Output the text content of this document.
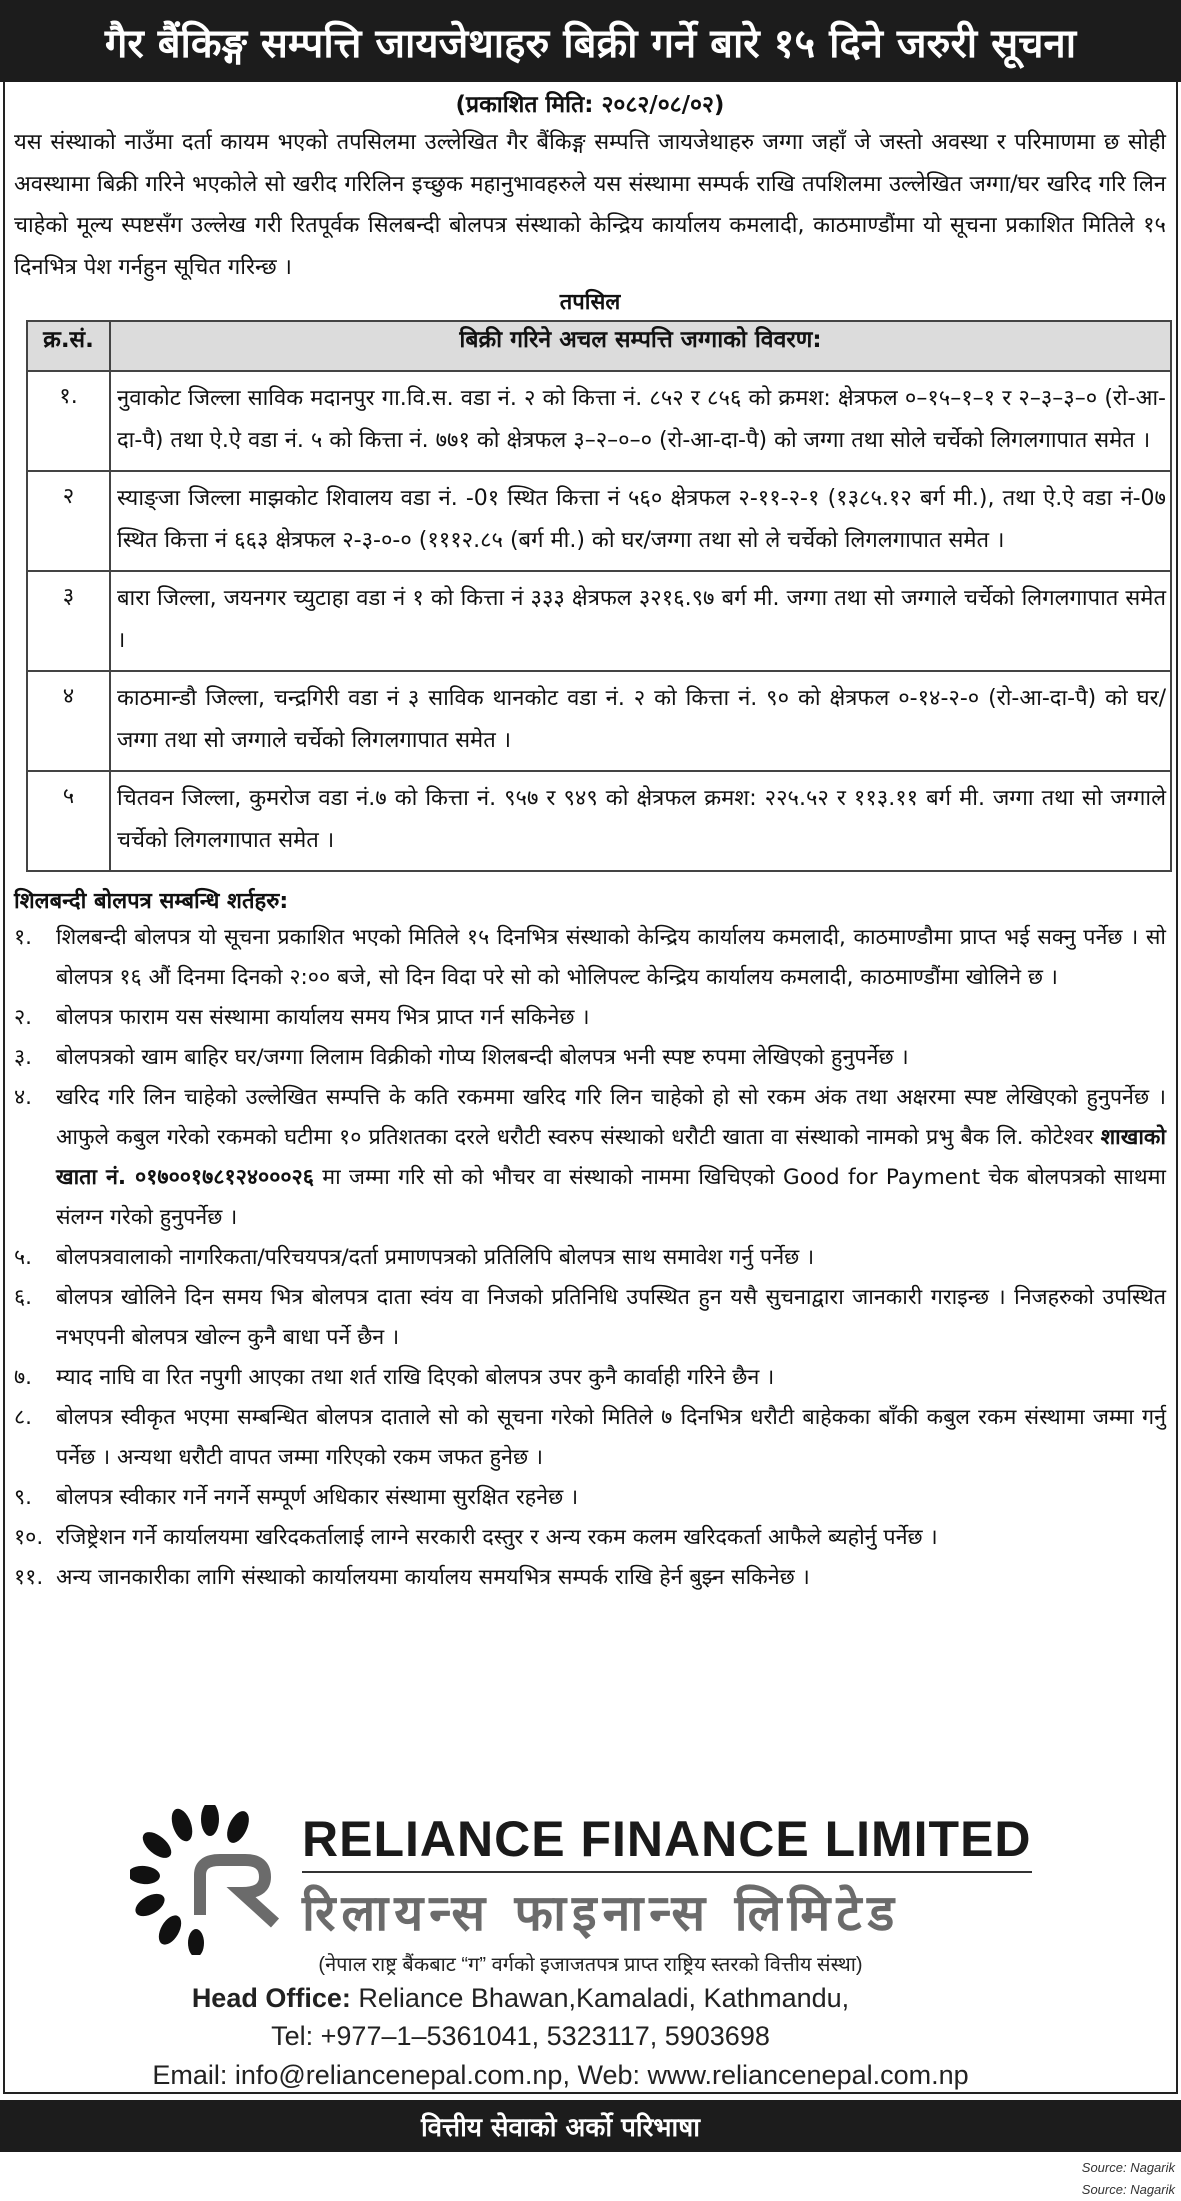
गैर बैंकिङ्ग सम्पत्ति जायजेथाहरु बिक्री गर्ने बारे १५ दिने जरुरी सूचना
(प्रकाशित मिति: २०८२/०८/०२)
यस संस्थाको नाउँमा दर्ता कायम भएको तपसिलमा उल्लेखित गैर बैंकिङ्ग सम्पत्ति जायजेथाहरु जग्गा जहाँ जे जस्तो अवस्था र परिमाणमा छ सोही अवस्थामा बिक्री गरिने भएकोले सो खरीद गरिलिन इच्छुक महानुभावहरुले यस संस्थामा सम्पर्क राखि तपशिलमा उल्लेखित जग्गा/घर खरिद गरि लिन चाहेको मूल्य स्पष्टसँग उल्लेख गरी रितपूर्वक सिलबन्दी बोलपत्र संस्थाको केन्द्रिय कार्यालय कमलादी, काठमाण्डौंमा यो सूचना प्रकाशित मितिले १५ दिनभित्र पेश गर्नहुन सूचित गरिन्छ ।
तपसिल
क्र.सं.	बिक्री गरिने अचल सम्पत्ति जग्गाको विवरण:
१.	नुवाकोट जिल्ला साविक मदानपुर गा.वि.स. वडा नं. २ को कित्ता नं. ८५२ र ८५६ को क्रमश: क्षेत्रफल ०–१५–१–१ र २–३–३–० (रो-आ-दा-पै) तथा ऐ.ऐ वडा नं. ५ को कित्ता नं. ७७१ को क्षेत्रफल ३–२–०–० (रो-आ-दा-पै) को जग्गा तथा सोले चर्चेको लिगलगापात समेत ।
२	स्याङ्जा जिल्ला माझकोट शिवालय वडा नं. -0१ स्थित कित्ता नं ५६० क्षेत्रफल २-११-२-१ (१३८५.१२ बर्ग मी.), तथा ऐ.ऐ वडा नं-0७ स्थित कित्ता नं ६६३ क्षेत्रफल २-३-०-० (१११२.८५ (बर्ग मी.) को घर/जग्गा तथा सो ले चर्चेको लिगलगापात समेत ।
३	बारा जिल्ला, जयनगर च्युटाहा वडा नं १ को कित्ता नं ३३३ क्षेत्रफल ३२१६.९७ बर्ग मी. जग्गा तथा सो जग्गाले चर्चेको लिगलगापात समेत ।
४	काठमान्डौ जिल्ला, चन्द्रगिरी वडा नं ३ साविक थानकोट वडा नं. २ को कित्ता नं. ९० को क्षेत्रफल ०-१४-२-० (रो-आ-दा-पै) को घर/जग्गा तथा सो जग्गाले चर्चेको लिगलगापात समेत ।
५	चितवन जिल्ला, कुमरोज वडा नं.७ को कित्ता नं. ९५७ र ९४९ को क्षेत्रफल क्रमश: २२५.५२ र ११३.११ बर्ग मी. जग्गा तथा सो जग्गाले चर्चेको लिगलगापात समेत ।
शिलबन्दी बोलपत्र सम्बन्धि शर्तहरु:
१.	शिलबन्दी बोलपत्र यो सूचना प्रकाशित भएको मितिले १५ दिनभित्र संस्थाको केन्द्रिय कार्यालय कमलादी, काठमाण्डौमा प्राप्त भई सक्नु पर्नेछ । सो बोलपत्र १६ औं दिनमा दिनको २:०० बजे, सो दिन विदा परे सो को भोलिपल्ट केन्द्रिय कार्यालय कमलादी, काठमाण्डौंमा खोलिने छ ।
२.	बोलपत्र फाराम यस संस्थामा कार्यालय समय भित्र प्राप्त गर्न सकिनेछ ।
३.	बोलपत्रको खाम बाहिर घर/जग्गा लिलाम विक्रीको गोप्य शिलबन्दी बोलपत्र भनी स्पष्ट रुपमा लेखिएको हुनुपर्नेछ ।
४.	खरिद गरि लिन चाहेको उल्लेखित सम्पत्ति के कति रकममा खरिद गरि लिन चाहेको हो सो रकम अंक तथा अक्षरमा स्पष्ट लेखिएको हुनुपर्नेछ । आफुले कबुल गरेको रकमको घटीमा १० प्रतिशतका दरले धरौटी स्वरुप संस्थाको धरौटी खाता वा संस्थाको नामको प्रभु बैक लि. कोटेश्वर शाखाको खाता नं. ०१७००१७८१२४०००२६ मा जम्मा गरि सो को भौचर वा संस्थाको नाममा खिचिएको Good for Payment चेक बोलपत्रको साथमा संलग्न गरेको हुनुपर्नेछ ।
५.	बोलपत्रवालाको नागरिकता/परिचयपत्र/दर्ता प्रमाणपत्रको प्रतिलिपि बोलपत्र साथ समावेश गर्नु पर्नेछ ।
६.	बोलपत्र खोलिने दिन समय भित्र बोलपत्र दाता स्वंय वा निजको प्रतिनिधि उपस्थित हुन यसै सुचनाद्वारा जानकारी गराइन्छ । निजहरुको उपस्थित नभएपनी बोलपत्र खोल्न कुनै बाधा पर्ने छैन ।
७.	म्याद नाघि वा रित नपुगी आएका तथा शर्त राखि दिएको बोलपत्र उपर कुनै कार्वाही गरिने छैन ।
८.	बोलपत्र स्वीकृत भएमा सम्बन्धित बोलपत्र दाताले सो को सूचना गरेको मितिले ७ दिनभित्र धरौटी बाहेकका बाँकी कबुल रकम संस्थामा जम्मा गर्नु पर्नेछ । अन्यथा धरौटी वापत जम्मा गरिएको रकम जफत हुनेछ ।
९.	बोलपत्र स्वीकार गर्ने नगर्ने सम्पूर्ण अधिकार संस्थामा सुरक्षित रहनेछ ।
१०. रजिष्ट्रेशन गर्ने कार्यालयमा खरिदकर्तालाई लाग्ने सरकारी दस्तुर र अन्य रकम कलम खरिदकर्ता आफैले ब्यहोर्नु पर्नेछ ।
११. अन्य जानकारीका लागि संस्थाको कार्यालयमा कार्यालय समयभित्र सम्पर्क राखि हेर्न बुझ्न सकिनेछ ।
RELIANCE FINANCE LIMITED
रिलायन्स फाइनान्स लिमिटेड
(नेपाल राष्ट्र बैंकबाट “ग” वर्गको इजाजतपत्र प्राप्त राष्ट्रिय स्तरको वित्तीय संस्था)
Head Office: Reliance Bhawan,Kamaladi, Kathmandu,
Tel: +977–1–5361041, 5323117, 5903698
Email: info@reliancenepal.com.np, Web: www.reliancenepal.com.np
वित्तीय सेवाको अर्को परिभाषा
Source: Nagarik
Source: Nagarik
